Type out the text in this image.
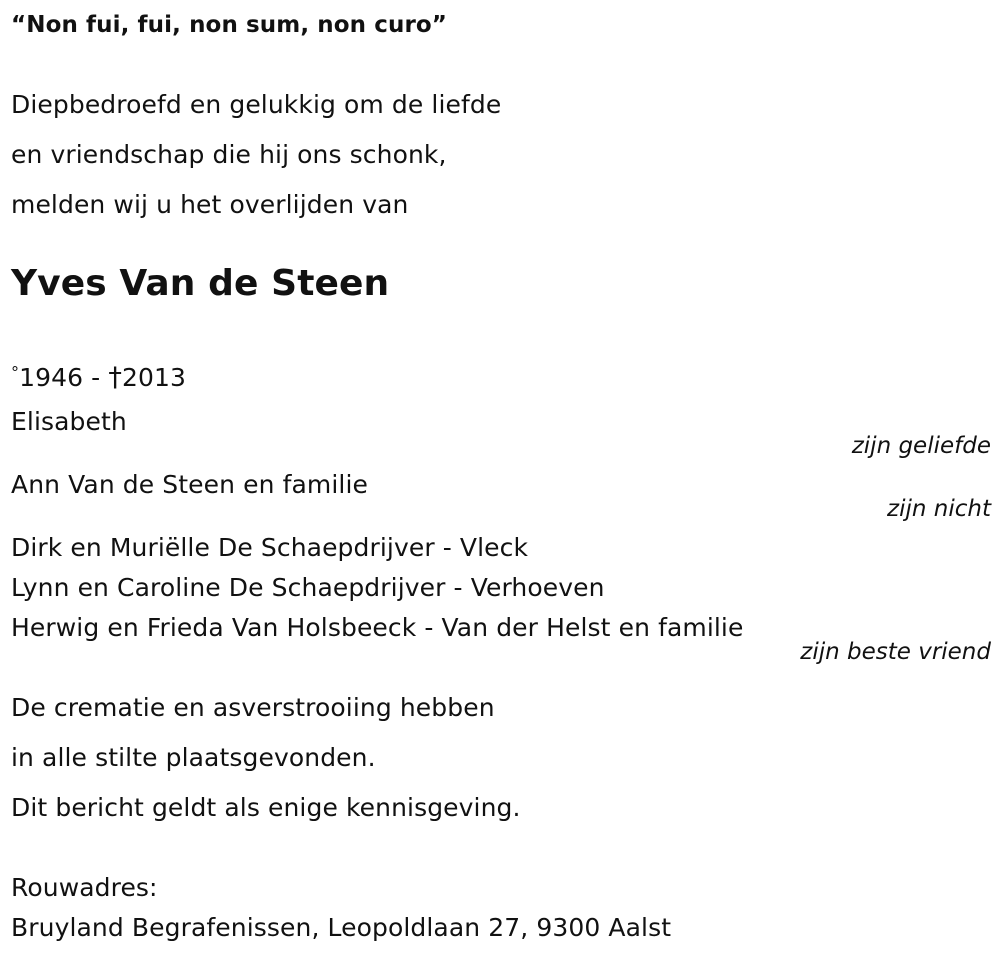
“Non fui, fui, non sum, non curo”
Diepbedroefd en gelukkig om de liefde
en vriendschap die hij ons schonk,
melden wij u het overlijden van
Yves Van de Steen
°1946 - †2013
Elisabeth
zijn geliefde
Ann Van de Steen en familie
zijn nicht
Dirk en Muriëlle De Schaepdrijver - Vleck
Lynn en Caroline De Schaepdrijver - Verhoeven
Herwig en Frieda Van Holsbeeck - Van der Helst en familie
zijn beste vriend
De crematie en asverstrooiing hebben
in alle stilte plaatsgevonden.
Dit bericht geldt als enige kennisgeving.
Rouwadres:
Bruyland Begrafenissen, Leopoldlaan 27, 9300 Aalst
